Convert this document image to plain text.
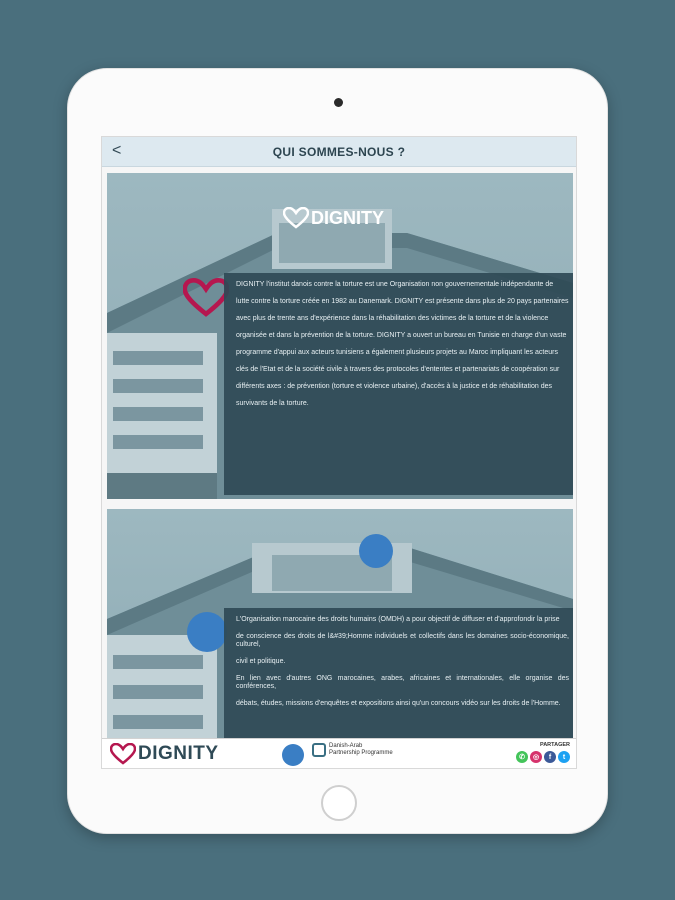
<	QUI SOMMES-NOUS ?
DIGNITY

DIGNITY l'institut danois contre la torture est une Organisation non gouvernementale indépendante de

lutte contre la torture créée en 1982 au Danemark. DIGNITY est présente dans plus de 20 pays partenaires

avec plus de trente ans d'expérience dans la réhabilitation des victimes de la torture et de la violence

organisée et dans la prévention de la torture. DIGNITY a ouvert un bureau en Tunisie en charge d'un vaste

programme d'appui aux acteurs tunisiens a également plusieurs projets au Maroc impliquant les acteurs

clés de l'Etat et de la société civile à travers des protocoles d'ententes et partenariats de coopération sur

différents axes : de prévention (torture et violence urbaine), d'accès à la justice et de réhabilitation des

survivants de la torture.

L'Organisation marocaine des droits humains (OMDH) a pour objectif de diffuser et d'approfondir la prise

de conscience des droits de l&#39;Homme individuels et collectifs dans les domaines socio-économique, culturel,

civil et politique.

En lien avec d'autres ONG marocaines, arabes, africaines et internationales, elle organise des conférences,

débats, études, missions d'enquêtes et expositions ainsi qu'un concours vidéo sur les droits de l'Homme.

DIGNITY	Danish-Arab
Partnership Programme
PARTAGER
✆	◎	f	t
